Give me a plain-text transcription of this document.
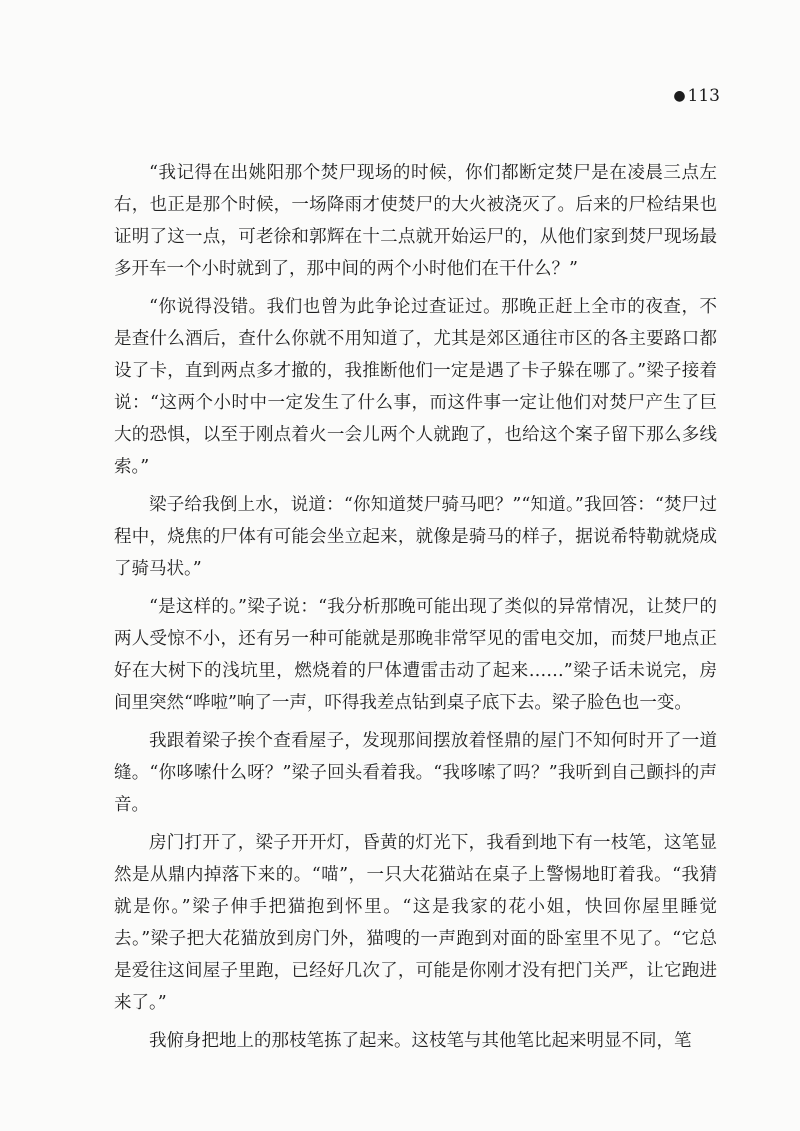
● 113

“我记得在出姚阳那个焚尸现场的时候，你们都断定焚尸是在凌晨三点左右，也正是那个时候，一场降雨才使焚尸的大火被浇灭了。后来的尸检结果也证明了这一点，可老徐和郭辉在十二点就开始运尸的，从他们家到焚尸现场最多开车一个小时就到了，那中间的两个小时他们在干什么？”

“你说得没错。我们也曾为此争论过查证过。那晚正赶上全市的夜查，不是查什么酒后，查什么你就不用知道了，尤其是郊区通往市区的各主要路口都设了卡，直到两点多才撤的，我推断他们一定是遇了卡子躲在哪了。”梁子接着说：“这两个小时中一定发生了什么事，而这件事一定让他们对焚尸产生了巨大的恐惧，以至于刚点着火一会儿两个人就跑了，也给这个案子留下那么多线索。”

梁子给我倒上水，说道：“你知道焚尸骑马吧？”“知道。”我回答：“焚尸过程中，烧焦的尸体有可能会坐立起来，就像是骑马的样子，据说希特勒就烧成了骑马状。”

“是这样的。”梁子说：“我分析那晚可能出现了类似的异常情况，让焚尸的两人受惊不小，还有另一种可能就是那晚非常罕见的雷电交加，而焚尸地点正好在大树下的浅坑里，燃烧着的尸体遭雷击动了起来……”梁子话未说完，房间里突然“哗啦”响了一声，吓得我差点钻到桌子底下去。梁子脸色也一变。

我跟着梁子挨个查看屋子，发现那间摆放着怪鼎的屋门不知何时开了一道缝。“你哆嗦什么呀？”梁子回头看着我。“我哆嗦了吗？”我听到自己颤抖的声音。

房门打开了，梁子开开灯，昏黄的灯光下，我看到地下有一枝笔，这笔显然是从鼎内掉落下来的。“喵”，一只大花猫站在桌子上警惕地盯着我。“我猜就是你。”梁子伸手把猫抱到怀里。“这是我家的花小姐，快回你屋里睡觉去。”梁子把大花猫放到房门外，猫嗖的一声跑到对面的卧室里不见了。“它总是爱往这间屋子里跑，已经好几次了，可能是你刚才没有把门关严，让它跑进来了。”

我俯身把地上的那枝笔拣了起来。这枝笔与其他笔比起来明显不同，笔
